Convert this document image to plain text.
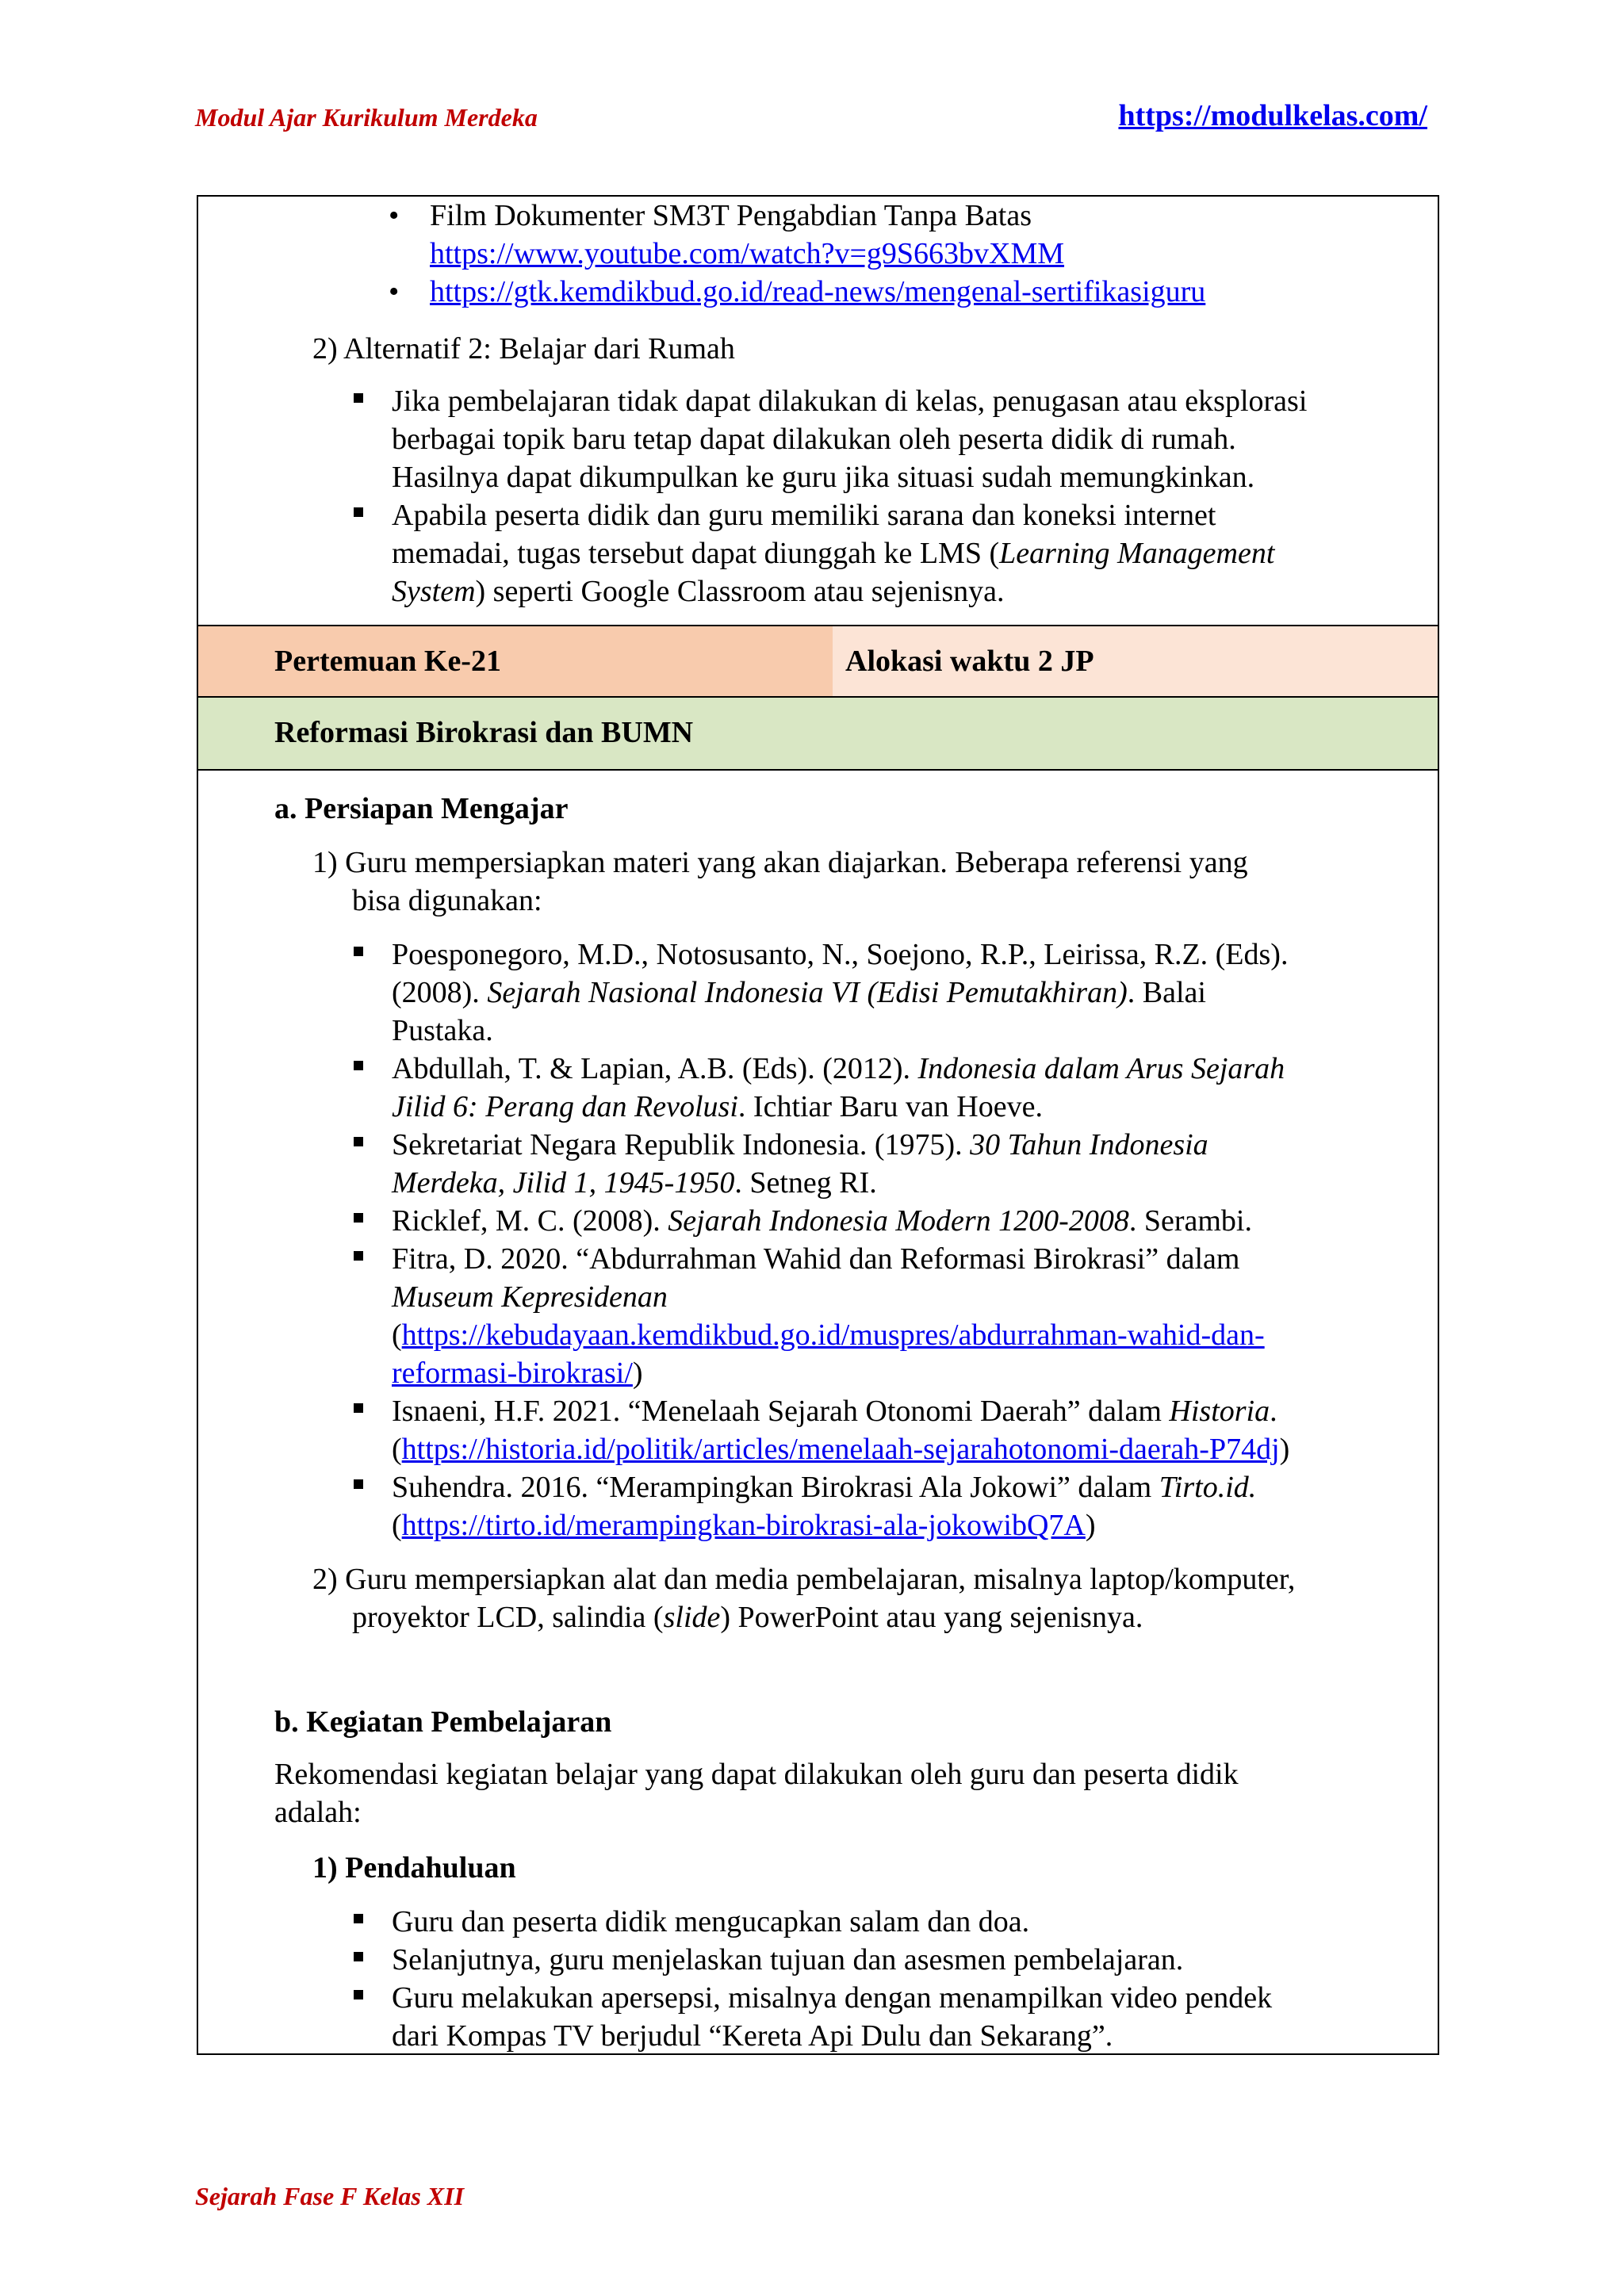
Modul Ajar Kurikulum Merdeka	https://modulkelas.com/
• Film Dokumenter SM3T Pengabdian Tanpa Batas
https://www.youtube.com/watch?v=g9S663bvXMM
• https://gtk.kemdikbud.go.id/read-news/mengenal-sertifikasiguru
2) Alternatif 2: Belajar dari Rumah
Jika pembelajaran tidak dapat dilakukan di kelas, penugasan atau eksplorasi
berbagai topik baru tetap dapat dilakukan oleh peserta didik di rumah.
Hasilnya dapat dikumpulkan ke guru jika situasi sudah memungkinkan.
Apabila peserta didik dan guru memiliki sarana dan koneksi internet
memadai, tugas tersebut dapat diunggah ke LMS (Learning Management
System) seperti Google Classroom atau sejenisnya.
Pertemuan Ke-21	Alokasi waktu 2 JP
Reformasi Birokrasi dan BUMN
a. Persiapan Mengajar
1) Guru mempersiapkan materi yang akan diajarkan. Beberapa referensi yang
bisa digunakan:
Poesponegoro, M.D., Notosusanto, N., Soejono, R.P., Leirissa, R.Z. (Eds).
(2008). Sejarah Nasional Indonesia VI (Edisi Pemutakhiran). Balai
Pustaka.
Abdullah, T. & Lapian, A.B. (Eds). (2012). Indonesia dalam Arus Sejarah
Jilid 6: Perang dan Revolusi. Ichtiar Baru van Hoeve.
Sekretariat Negara Republik Indonesia. (1975). 30 Tahun Indonesia
Merdeka, Jilid 1, 1945-1950. Setneg RI.
Ricklef, M. C. (2008). Sejarah Indonesia Modern 1200-2008. Serambi.
Fitra, D. 2020. “Abdurrahman Wahid dan Reformasi Birokrasi” dalam
Museum Kepresidenan
(https://kebudayaan.kemdikbud.go.id/muspres/abdurrahman-wahid-dan-
reformasi-birokrasi/)
Isnaeni, H.F. 2021. “Menelaah Sejarah Otonomi Daerah” dalam Historia.
(https://historia.id/politik/articles/menelaah-sejarahotonomi-daerah-P74dj)
Suhendra. 2016. “Merampingkan Birokrasi Ala Jokowi” dalam Tirto.id.
(https://tirto.id/merampingkan-birokrasi-ala-jokowibQ7A)
2) Guru mempersiapkan alat dan media pembelajaran, misalnya laptop/komputer,
proyektor LCD, salindia (slide) PowerPoint atau yang sejenisnya.
b. Kegiatan Pembelajaran
Rekomendasi kegiatan belajar yang dapat dilakukan oleh guru dan peserta didik
adalah:
1) Pendahuluan
Guru dan peserta didik mengucapkan salam dan doa.
Selanjutnya, guru menjelaskan tujuan dan asesmen pembelajaran.
Guru melakukan apersepsi, misalnya dengan menampilkan video pendek
dari Kompas TV berjudul “Kereta Api Dulu dan Sekarang”.
Sejarah Fase F Kelas XII
